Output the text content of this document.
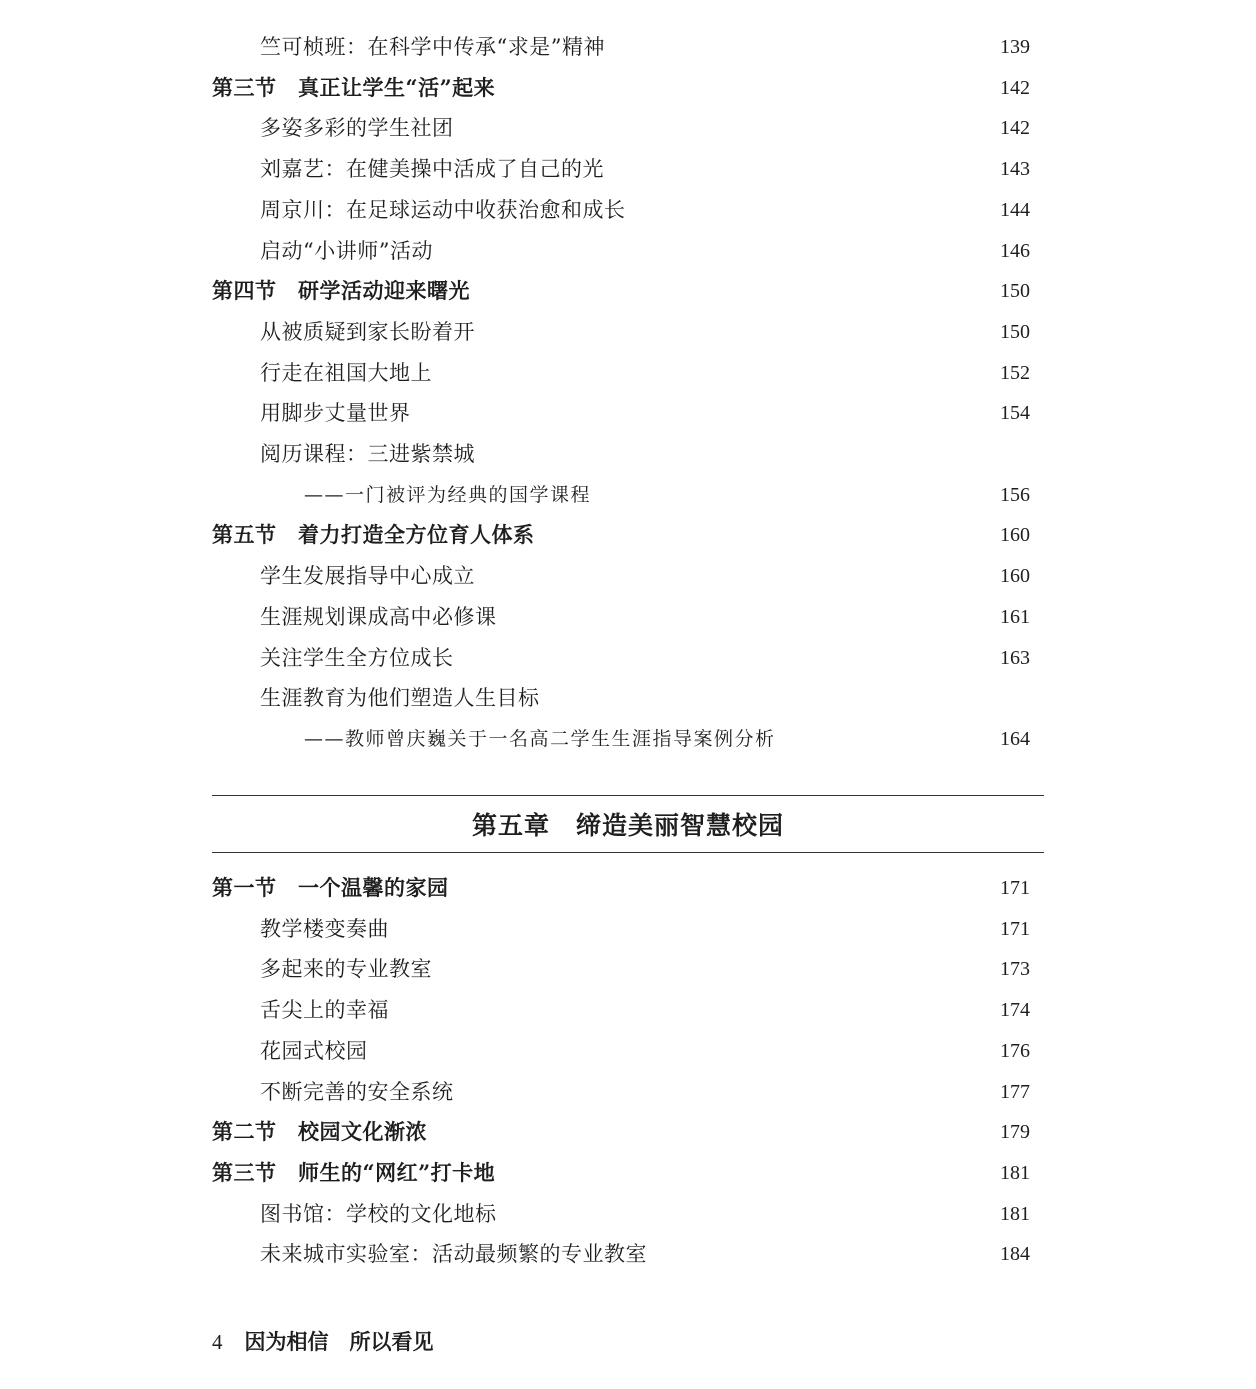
竺可桢班：在科学中传承“求是”精神	139
第三节　真正让学生“活”起来	142
多姿多彩的学生社团	142
刘嘉艺：在健美操中活成了自己的光	143
周京川：在足球运动中收获治愈和成长	144
启动“小讲师”活动	146
第四节　研学活动迎来曙光	150
从被质疑到家长盼着开	150
行走在祖国大地上	152
用脚步丈量世界	154
阅历课程：三进紫禁城
——一门被评为经典的国学课程	156
第五节　着力打造全方位育人体系	160
学生发展指导中心成立	160
生涯规划课成高中必修课	161
关注学生全方位成长	163
生涯教育为他们塑造人生目标
——教师曾庆巍关于一名高二学生生涯指导案例分析	164
第五章　缔造美丽智慧校园
第一节　一个温馨的家园	171
教学楼变奏曲	171
多起来的专业教室	173
舌尖上的幸福	174
花园式校园	176
不断完善的安全系统	177
第二节　校园文化渐浓	179
第三节　师生的“网红”打卡地	181
图书馆：学校的文化地标	181
未来城市实验室：活动最频繁的专业教室	184
4 因为相信　所以看见
